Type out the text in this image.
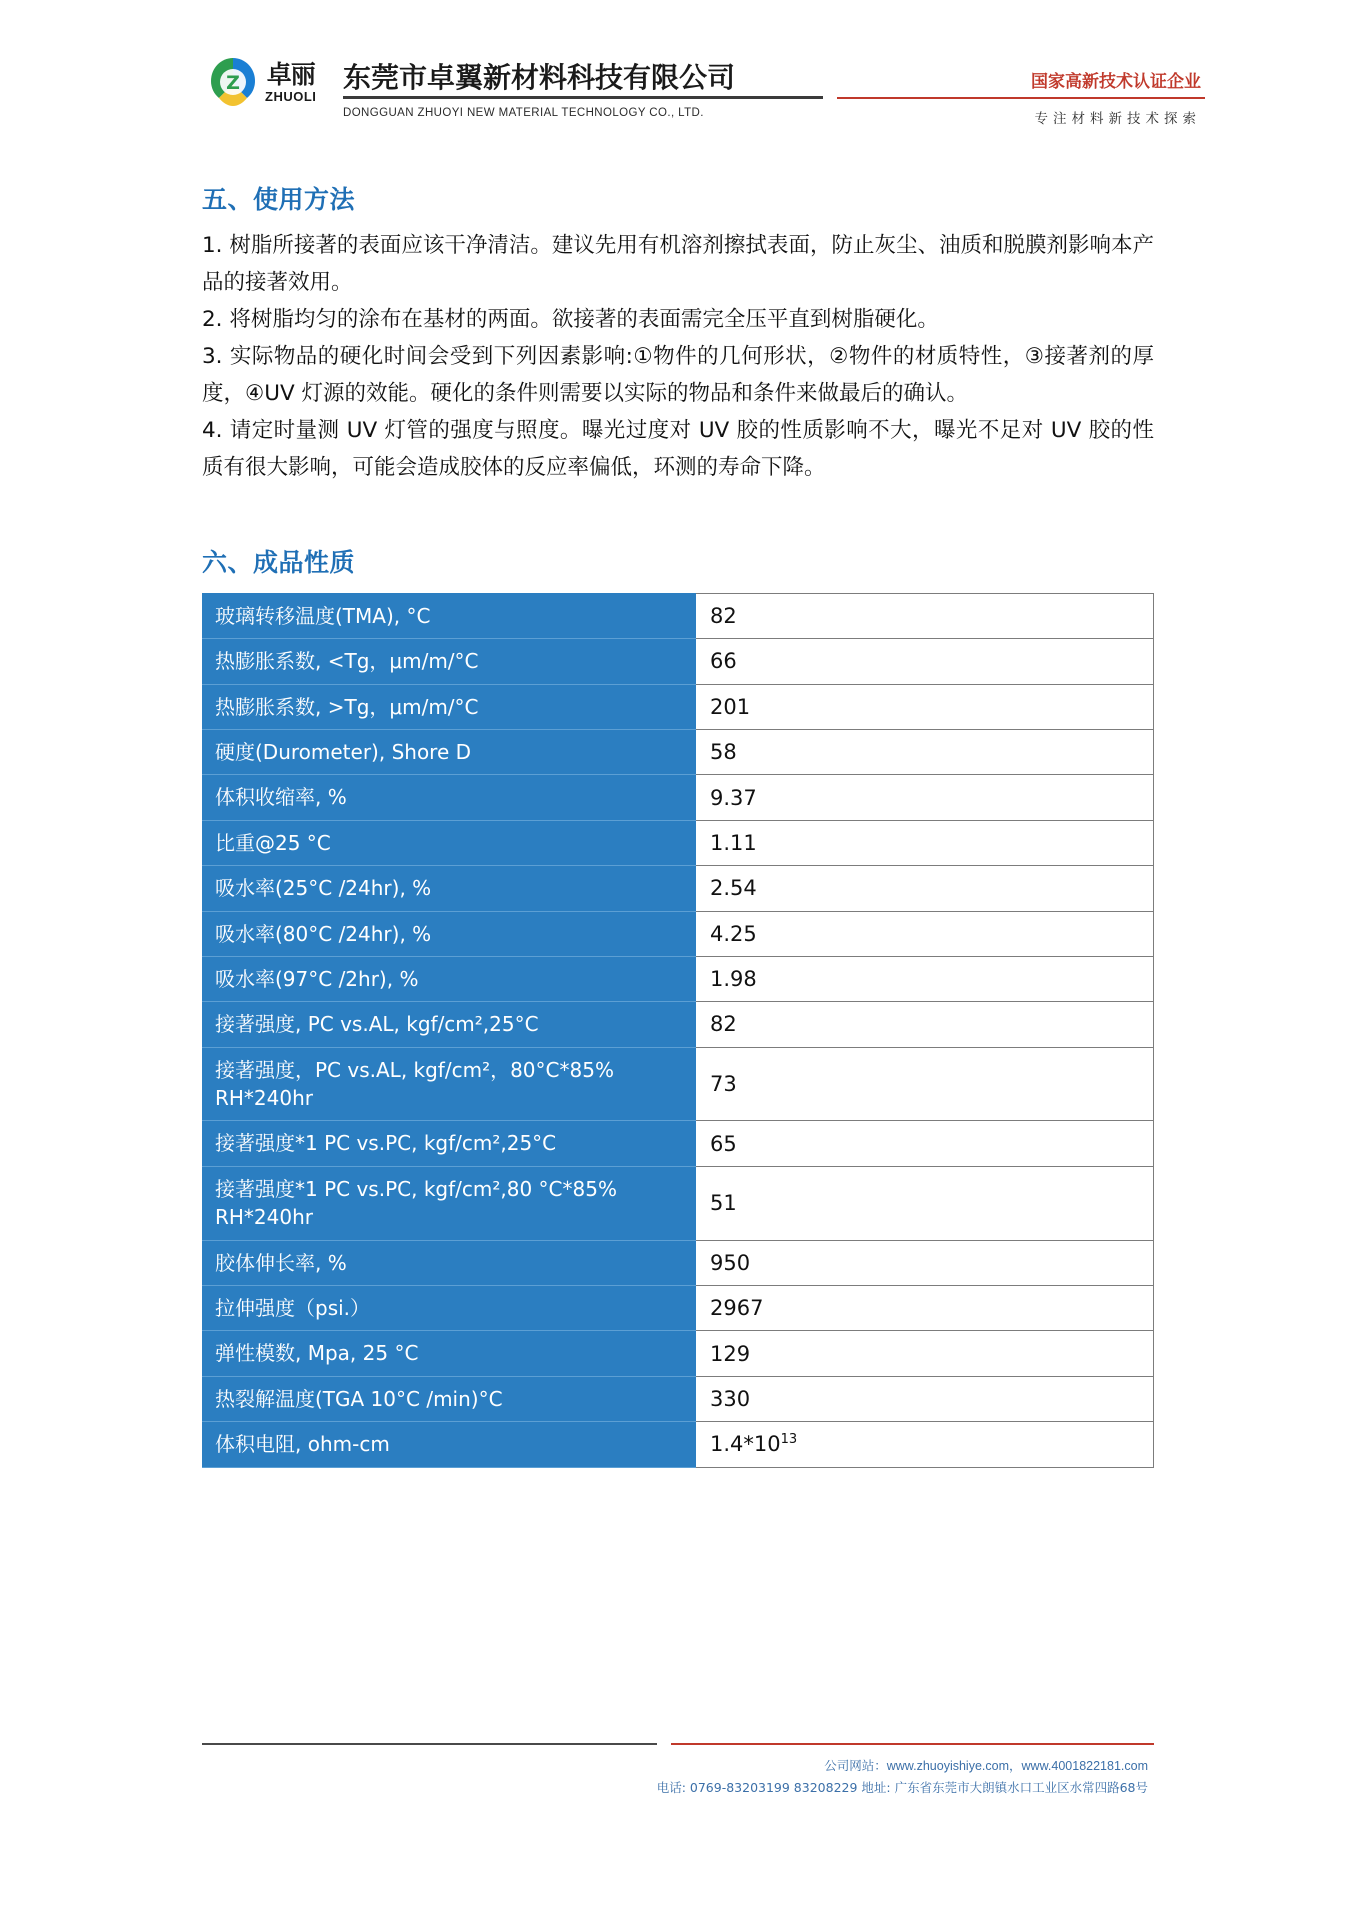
Z 卓丽
ZHUOLI
东莞市卓翼新材料科技有限公司	国家高新技术认证企业
DONGGUAN ZHUOYI NEW MATERIAL TECHNOLOGY CO., LTD.	专注材料新技术探索
五、使用方法

1. 树脂所接著的表面应该干净清洁。建议先用有机溶剂擦拭表面，防止灰尘、油质和脱膜剂影响本产品的接著效用。

2. 将树脂均匀的涂布在基材的两面。欲接著的表面需完全压平直到树脂硬化。

3. 实际物品的硬化时间会受到下列因素影响:①物件的几何形状，②物件的材质特性，③接著剂的厚度，④UV 灯源的效能。硬化的条件则需要以实际的物品和条件来做最后的确认。

4. 请定时量测 UV 灯管的强度与照度。曝光过度对 UV 胶的性质影响不大，曝光不足对 UV 胶的性质有很大影响，可能会造成胶体的反应率偏低，环测的寿命下降。

六、成品性质
玻璃转移温度(TMA), °C	82
热膨胀系数, <Tg，μm/m/°C	66
热膨胀系数, >Tg，μm/m/°C	201
硬度(Durometer), Shore D	58
体积收缩率, %	9.37
比重@25 °C	1.11
吸水率(25°C /24hr), %	2.54
吸水率(80°C /24hr), %	4.25
吸水率(97°C /2hr), %	1.98
接著强度, PC vs.AL, kgf/cm²,25°C	82
接著强度，PC vs.AL, kgf/cm²，80°C*85% RH*240hr	73
接著强度*1 PC vs.PC, kgf/cm²,25°C	65
接著强度*1 PC vs.PC, kgf/cm²,80 °C*85% RH*240hr	51
胶体伸长率, %	950
拉伸强度（psi.）	2967
弹性模数, Mpa, 25 °C	129
热裂解温度(TGA 10°C /min)°C	330
体积电阻, ohm-cm	$1.4*10^{13}$
公司网站：www.zhuoyishiye.com，www.4001822181.com
电话: 0769-83203199 83208229 地址: 广东省东莞市大朗镇水口工业区水常四路68号
